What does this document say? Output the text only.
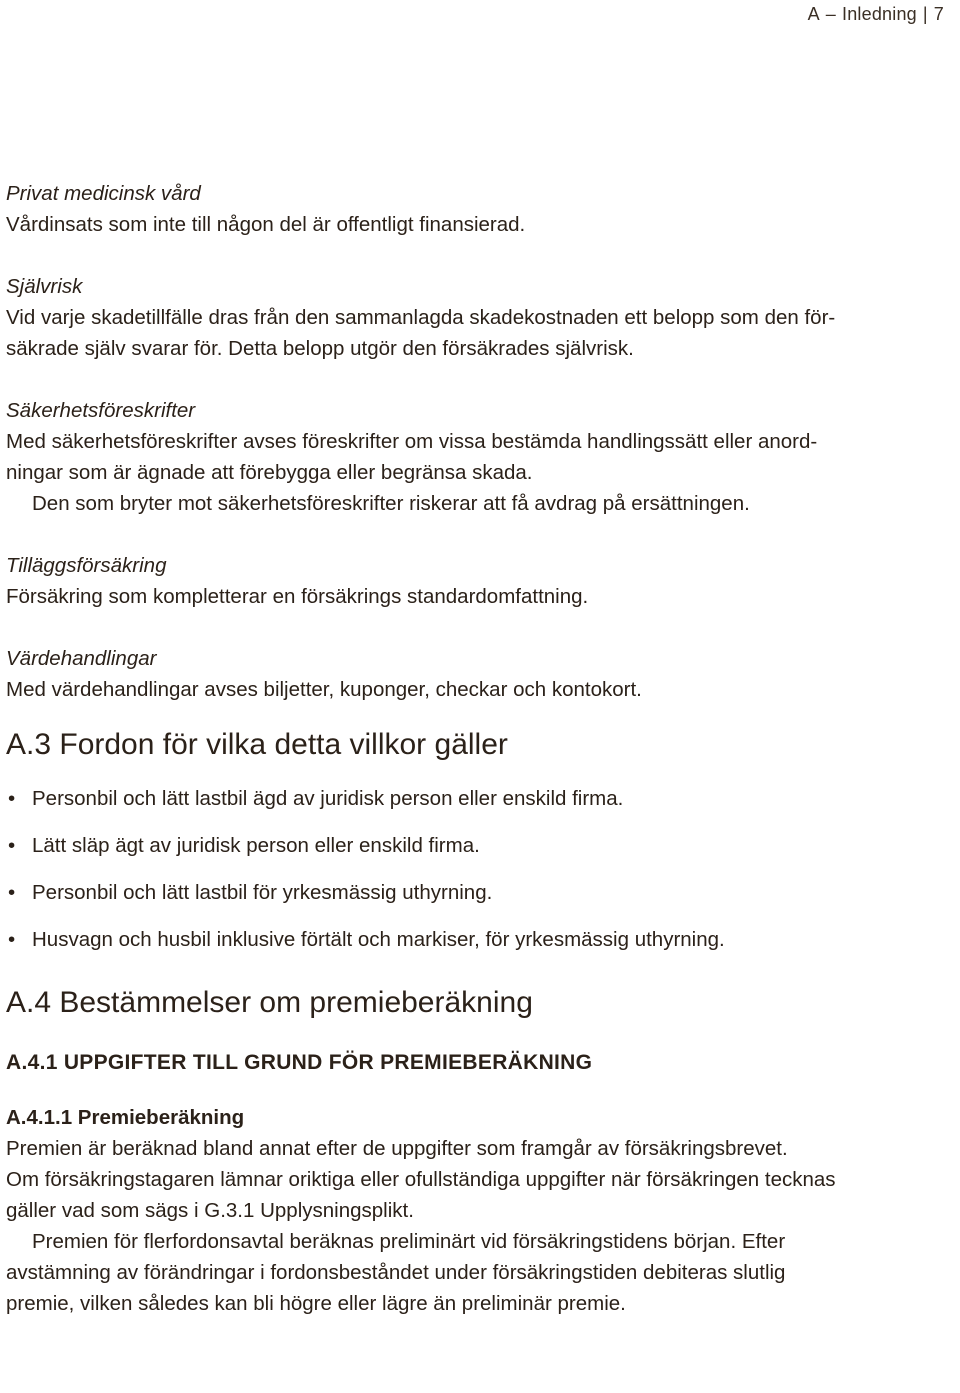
A – Inledning | 7
Privat medicinsk vård
Vårdinsats som inte till någon del är offentligt finansierad.
Självrisk
Vid varje skadetillfälle dras från den sammanlagda skadekostnaden ett belopp som den för-
säkrade själv svarar för. Detta belopp utgör den försäkrades självrisk.
Säkerhetsföreskrifter
Med säkerhetsföreskrifter avses föreskrifter om vissa bestämda handlingssätt eller anord-
ningar som är ägnade att förebygga eller begränsa skada.
Den som bryter mot säkerhetsföreskrifter riskerar att få avdrag på ersättningen.
Tilläggsförsäkring
Försäkring som kompletterar en försäkrings standardomfattning.
Värdehandlingar
Med värdehandlingar avses biljetter, kuponger, checkar och kontokort.
A.3 Fordon för vilka detta villkor gäller
• Personbil och lätt lastbil ägd av juridisk person eller enskild firma.
• Lätt släp ägt av juridisk person eller enskild firma.
• Personbil och lätt lastbil för yrkesmässig uthyrning.
• Husvagn och husbil inklusive förtält och markiser, för yrkesmässig uthyrning.
A.4 Bestämmelser om premieberäkning
A.4.1 UPPGIFTER TILL GRUND FÖR PREMIEBERÄKNING
A.4.1.1 Premieberäkning
Premien är beräknad bland annat efter de uppgifter som framgår av försäkringsbrevet.
Om försäkringstagaren lämnar oriktiga eller ofullständiga uppgifter när försäkringen tecknas
gäller vad som sägs i G.3.1 Upplysningsplikt.
Premien för flerfordonsavtal beräknas preliminärt vid försäkringstidens början. Efter
avstämning av förändringar i fordonsbeståndet under försäkringstiden debiteras slutlig
premie, vilken således kan bli högre eller lägre än preliminär premie.
